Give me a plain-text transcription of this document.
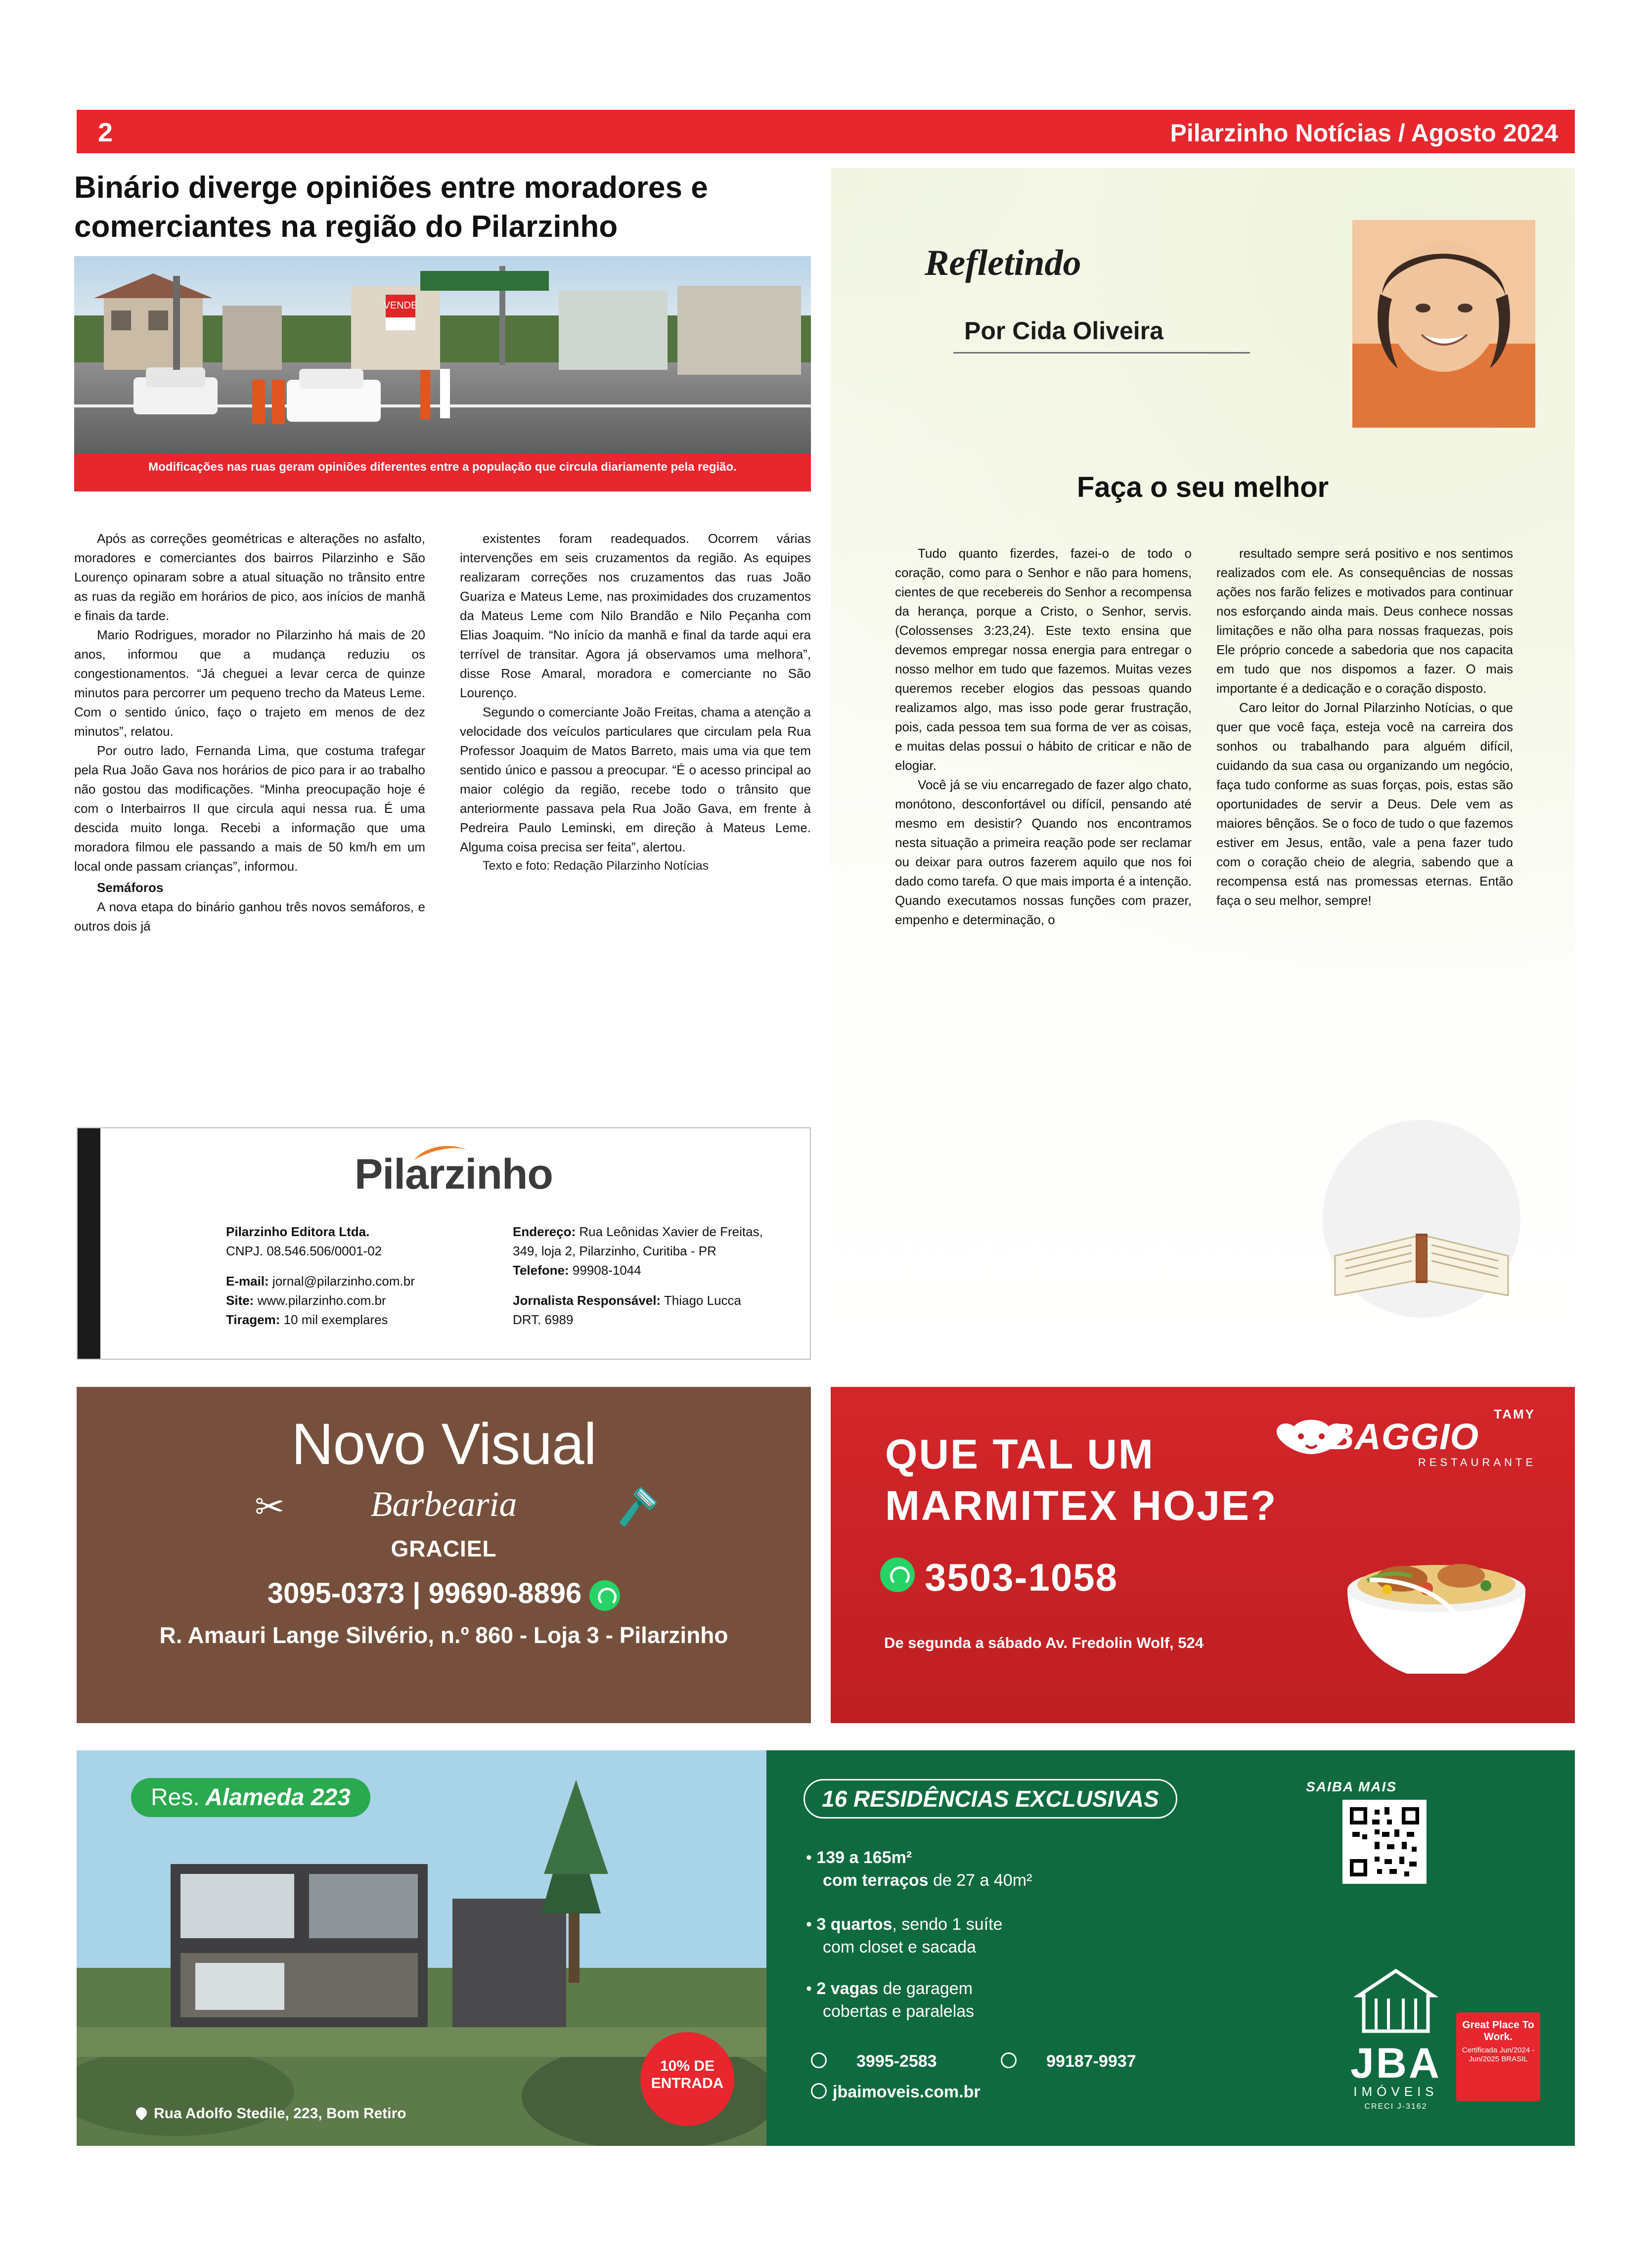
2	Pilarzinho Notícias / Agosto 2024
Binário diverge opiniões entre moradores e comerciantes na região do Pilarzinho
VENDE
Modificações nas ruas geram opiniões diferentes entre a população que circula diariamente pela região.

Após as correções geométricas e alterações no asfalto, moradores e comerciantes dos bairros Pilarzinho e São Lourenço opinaram sobre a atual situação no trânsito entre as ruas da região em horários de pico, aos inícios de manhã e finais da tarde.

Mario Rodrigues, morador no Pilarzinho há mais de 20 anos, informou que a mudança reduziu os congestionamentos. “Já cheguei a levar cerca de quinze minutos para percorrer um pequeno trecho da Mateus Leme. Com o sentido único, faço o trajeto em menos de dez minutos”, relatou.

Por outro lado, Fernanda Lima, que costuma trafegar pela Rua João Gava nos horários de pico para ir ao trabalho não gostou das modificações. “Minha preocupação hoje é com o Interbairros II que circula aqui nessa rua. É uma descida muito longa. Recebi a informação que uma moradora filmou ele passando a mais de 50 km/h em um local onde passam crianças”, informou.

Semáforos

A nova etapa do binário ganhou três novos semáforos, e outros dois já

existentes foram readequados. Ocorrem várias intervenções em seis cruzamentos da região. As equipes realizaram correções nos cruzamentos das ruas João Guariza e Mateus Leme, nas proximidades dos cruzamentos da Mateus Leme com Nilo Brandão e Nilo Peçanha com Elias Joaquim. “No início da manhã e final da tarde aqui era terrível de transitar. Agora já observamos uma melhora”, disse Rose Amaral, moradora e comerciante no São Lourenço.

Segundo o comerciante João Freitas, chama a atenção a velocidade dos veículos particulares que circulam pela Rua Professor Joaquim de Matos Barreto, mais uma via que tem sentido único e passou a preocupar. “É o acesso principal ao maior colégio da região, recebe todo o trânsito que anteriormente passava pela Rua João Gava, em frente à Pedreira Paulo Leminski, em direção à Mateus Leme. Alguma coisa precisa ser feita”, alertou.

Texto e foto: Redação Pilarzinho Notícias

Pilarzinho
Pilarzinho Editora Ltda.
CNPJ. 08.546.506/0001-02
E-mail: jornal@pilarzinho.com.br
Site: www.pilarzinho.com.br
Tiragem: 10 mil exemplares
Endereço: Rua Leônidas Xavier de Freitas, 349, loja 2, Pilarzinho, Curitiba - PR
Telefone: 99908-1044
Jornalista Responsável: Thiago Lucca
DRT. 6989
Refletindo
Por Cida Oliveira
Faça o seu melhor

Tudo quanto fizerdes, fazei-o de todo o coração, como para o Senhor e não para homens, cientes de que recebereis do Senhor a recompensa da herança, porque a Cristo, o Senhor, servis. (Colossenses 3:23,24). Este texto ensina que devemos empregar nossa energia para entregar o nosso melhor em tudo que fazemos. Muitas vezes queremos receber elogios das pessoas quando realizamos algo, mas isso pode gerar frustração, pois, cada pessoa tem sua forma de ver as coisas, e muitas delas possui o hábito de criticar e não de elogiar.

Você já se viu encarregado de fazer algo chato, monótono, desconfortável ou difícil, pensando até mesmo em desistir? Quando nos encontramos nesta situação a primeira reação pode ser reclamar ou deixar para outros fazerem aquilo que nos foi dado como tarefa. O que mais importa é a intenção. Quando executamos nossas funções com prazer, empenho e determinação, o

resultado sempre será positivo e nos sentimos realizados com ele. As consequências de nossas ações nos farão felizes e motivados para continuar nos esforçando ainda mais. Deus conhece nossas limitações e não olha para nossas fraquezas, pois Ele próprio concede a sabedoria que nos capacita em tudo que nos dispomos a fazer. O mais importante é a dedicação e o coração disposto.

Caro leitor do Jornal Pilarzinho Notícias, o que quer que você faça, esteja você na carreira dos sonhos ou trabalhando para alguém difícil, cuidando da sua casa ou organizando um negócio, faça tudo conforme as suas forças, pois, estas são oportunidades de servir a Deus. Dele vem as maiores bênçãos. Se o foco de tudo o que fazemos estiver em Jesus, então, vale a pena fazer tudo com o coração cheio de alegria, sabendo que a recompensa está nas promessas eternas. Então faça o seu melhor, sempre!

Novo Visual
✂	🪒
Barbearia
GRACIEL
3095-0373 | 99690-8896
R. Amauri Lange Silvério, n.º 860 - Loja 3 - Pilarzinho
QUE TAL UM
MARMITEX HOJE?
3503-1058
De segunda a sábado Av. Fredolin Wolf, 524
TAMY
BAGGIO
RESTAURANTE
Res. Alameda 223
Rua Adolfo Stedile, 223, Bom Retiro
10% DE ENTRADA
16 RESIDÊNCIAS EXCLUSIVAS
• 139 a 165m²
com terraços de 27 a 40m²
• 3 quartos, sendo 1 suíte
com closet e sacada
• 2 vagas de garagem
cobertas e paralelas
3995-2583	99187-9937
jbaimoveis.com.br
SAIBA MAIS
JBA
IMÓVEIS
CRECI J-3162
Great Place To Work.
Certificada Jun/2024 - Jun/2025 BRASIL
